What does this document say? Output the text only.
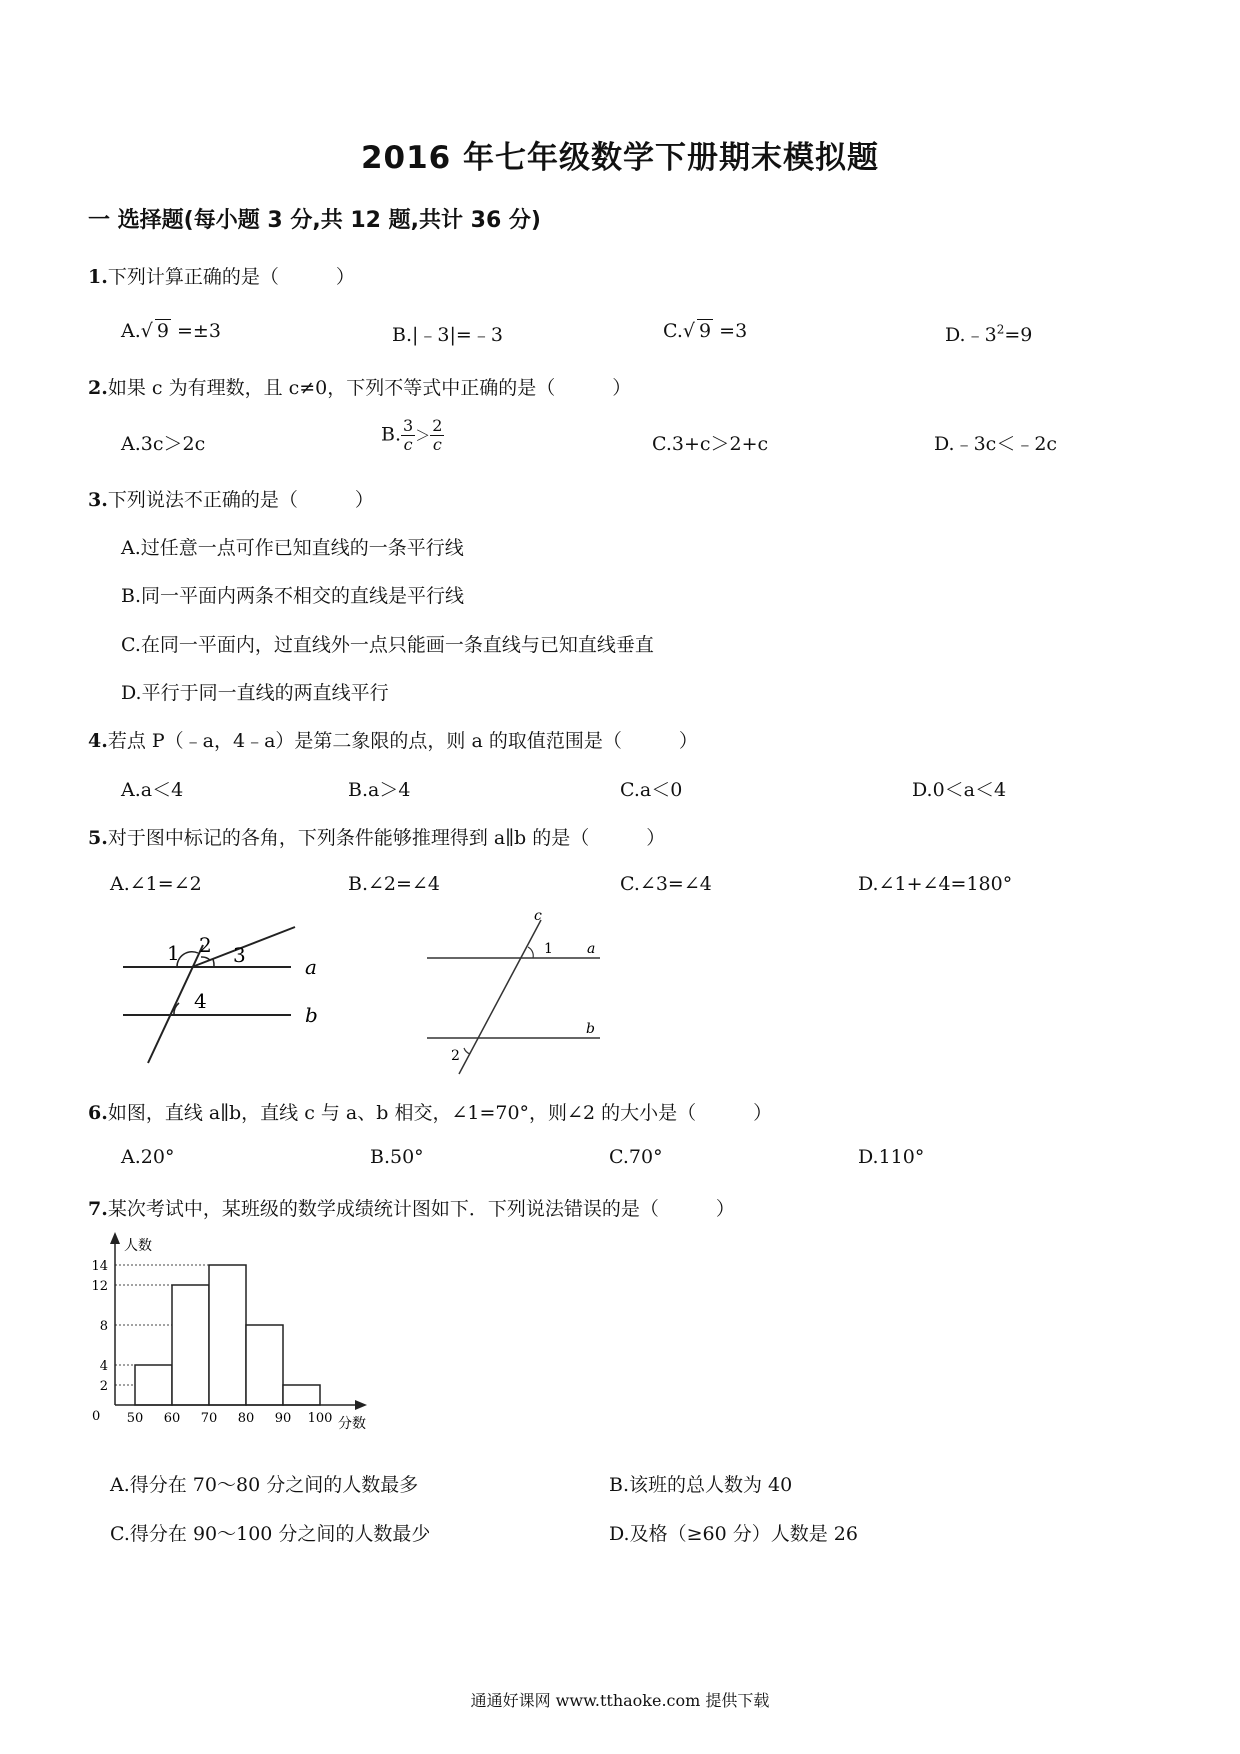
2016 年七年级数学下册期末模拟题
一 选择题(每小题 3 分,共 12 题,共计 36 分)
1.下列计算正确的是（　　　）
A.√ 9 =±3	B.|﹣3|=﹣3	C.√ 9 =3	$D.﹣3^2=9$
2.如果 c 为有理数，且 c≠0，下列不等式中正确的是（　　　）
A.3c＞2c	B. $\frac{3}{c} > \frac{2}{c}$	C.3+c＞2+c	D.﹣3c＜﹣2c
3.下列说法不正确的是（　　　）
A.过任意一点可作已知直线的一条平行线
B.同一平面内两条不相交的直线是平行线
C.在同一平面内，过直线外一点只能画一条直线与已知直线垂直
D.平行于同一直线的两直线平行
4.若点 P（﹣a，4﹣a）是第二象限的点，则 a 的取值范围是（　　　）
A.a＜4	B.a＞4	C.a＜0	D.0＜a＜4
5.对于图中标记的各角，下列条件能够推理得到 a∥b 的是（　　　）
A.∠1=∠2	B.∠2=∠4	C.∠3=∠4	D.∠1+∠4=180°
1 2 3
4
a
b
c
1 a
b
2
6.如图，直线 a∥b，直线 c 与 a、b 相交，∠1=70°，则∠2 的大小是（　　　）
A.20°	B.50°	C.70°	D.110°
7.某次考试中，某班级的数学成绩统计图如下．下列说法错误的是（　　　）
2
4
8
12
14
50 60 70 80 90 100
人数
分数
0
A.得分在 70～80 分之间的人数最多	B.该班的总人数为 40
C.得分在 90～100 分之间的人数最少	D.及格（≥60 分）人数是 26
通通好课网 www.tthaoke.com 提供下载
